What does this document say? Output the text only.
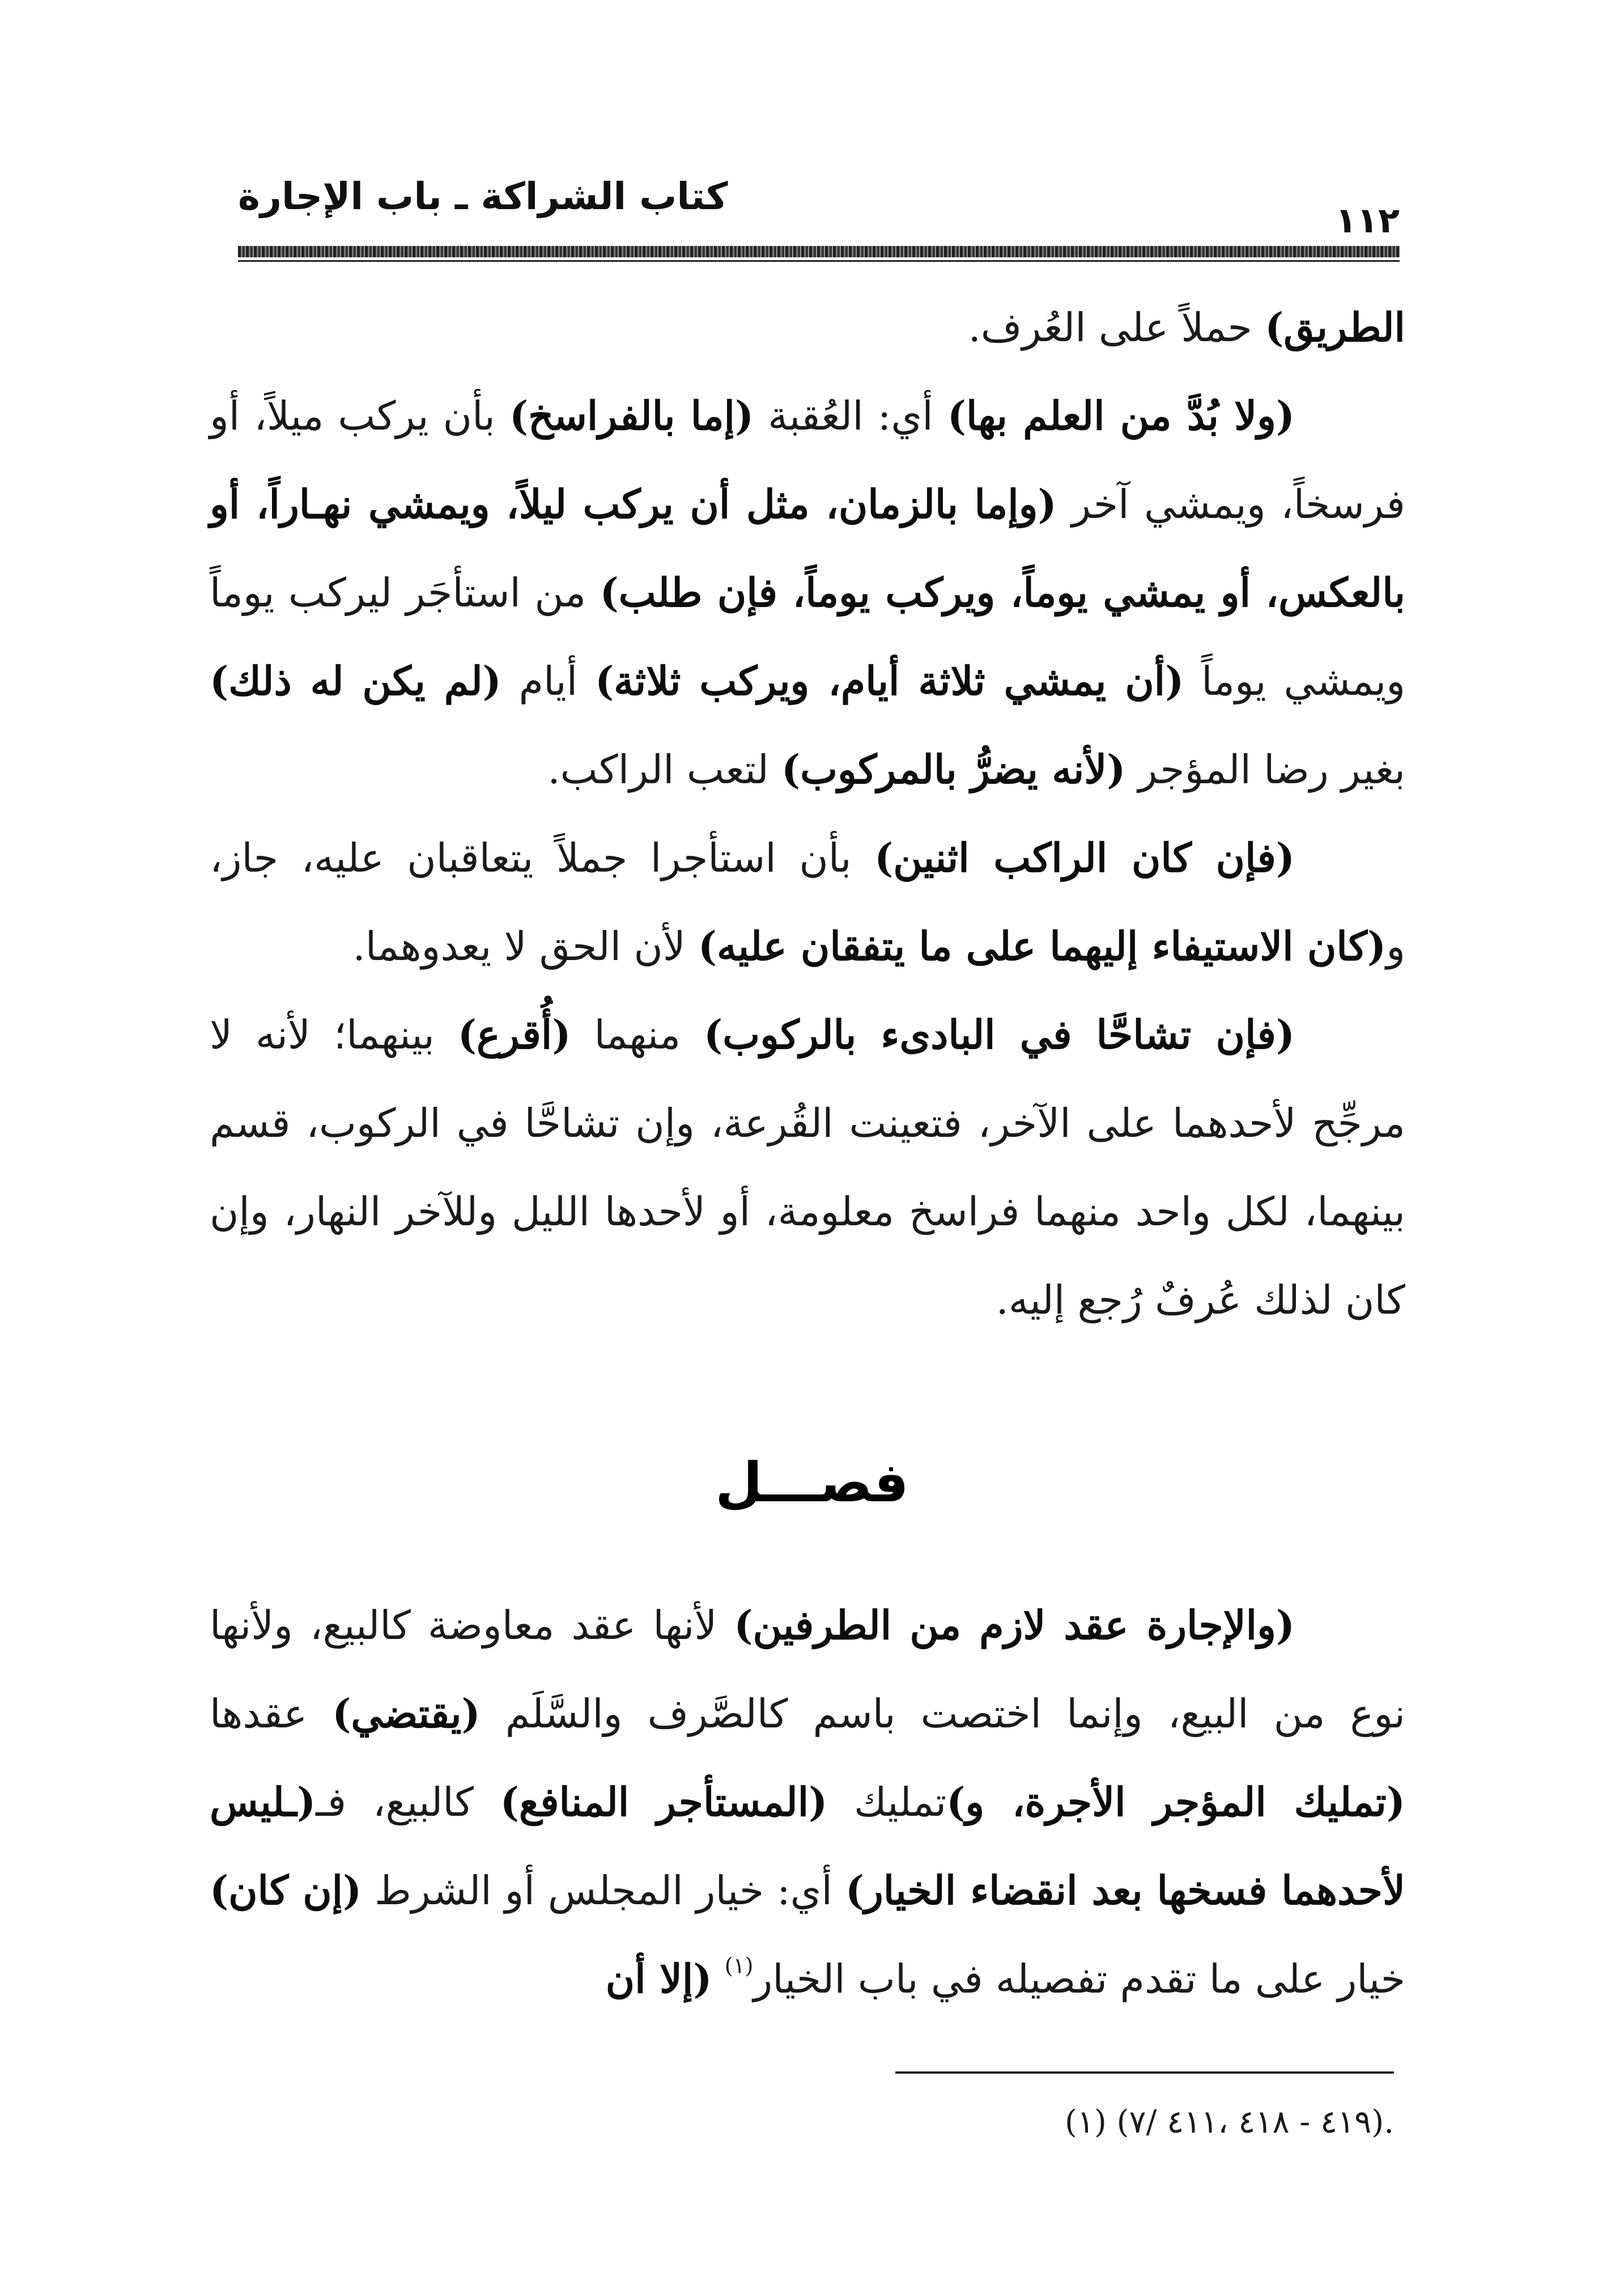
١١٢
كتاب الشراكة ـ باب الإجارة

الطريق) حملاً على العُرف.

(ولا بُدَّ من العلم بها) أي: العُقبة (إما بالفراسخ) بأن يركب ميلاً، أو فرسخاً، ويمشي آخر (وإما بالزمان، مثل أن يركب ليلاً، ويمشي نهـاراً، أو بالعكس، أو يمشي يوماً، ويركب يوماً، فإن طلب) من استأجَر ليركب يوماً ويمشي يوماً (أن يمشي ثلاثة أيام، ويركب ثلاثة) أيام (لم يكن له ذلك) بغير رضا المؤجر (لأنه يضرُّ بالمركوب) لتعب الراكب.

(فإن كان الراكب اثنين) بأن استأجرا جملاً يتعاقبان عليه، جاز، و(كان الاستيفاء إليهما على ما يتفقان عليه) لأن الحق لا يعدوهما.

(فإن تشاحَّا في البادىء بالركوب) منهما (أُقرع) بينهما؛ لأنه لا مرجِّح لأحدهما على الآخر، فتعينت القُرعة، وإن تشاحَّا في الركوب، قسم بينهما، لكل واحد منهما فراسخ معلومة، أو لأحدها الليل وللآخر النهار، وإن كان لذلك عُرفٌ رُجع إليه.

فصـــل

(والإجارة عقد لازم من الطرفين) لأنها عقد معاوضة كالبيع، ولأنها نوع من البيع، وإنما اختصت باسم كالصَّرف والسَّلَم (يقتضي) عقدها (تمليك المؤجر الأجرة، و)تمليك (المستأجر المنافع) كالبيع، فـ(ـليس لأحدهما فسخها بعد انقضاء الخيار) أي: خيار المجلس أو الشرط (إن كان) خيار على ما تقدم تفصيله في باب الخيار$^{(١)}$ (إلا أن

.(٤١٩ - ٤١٨ ،٤١١ /٧) (١)
